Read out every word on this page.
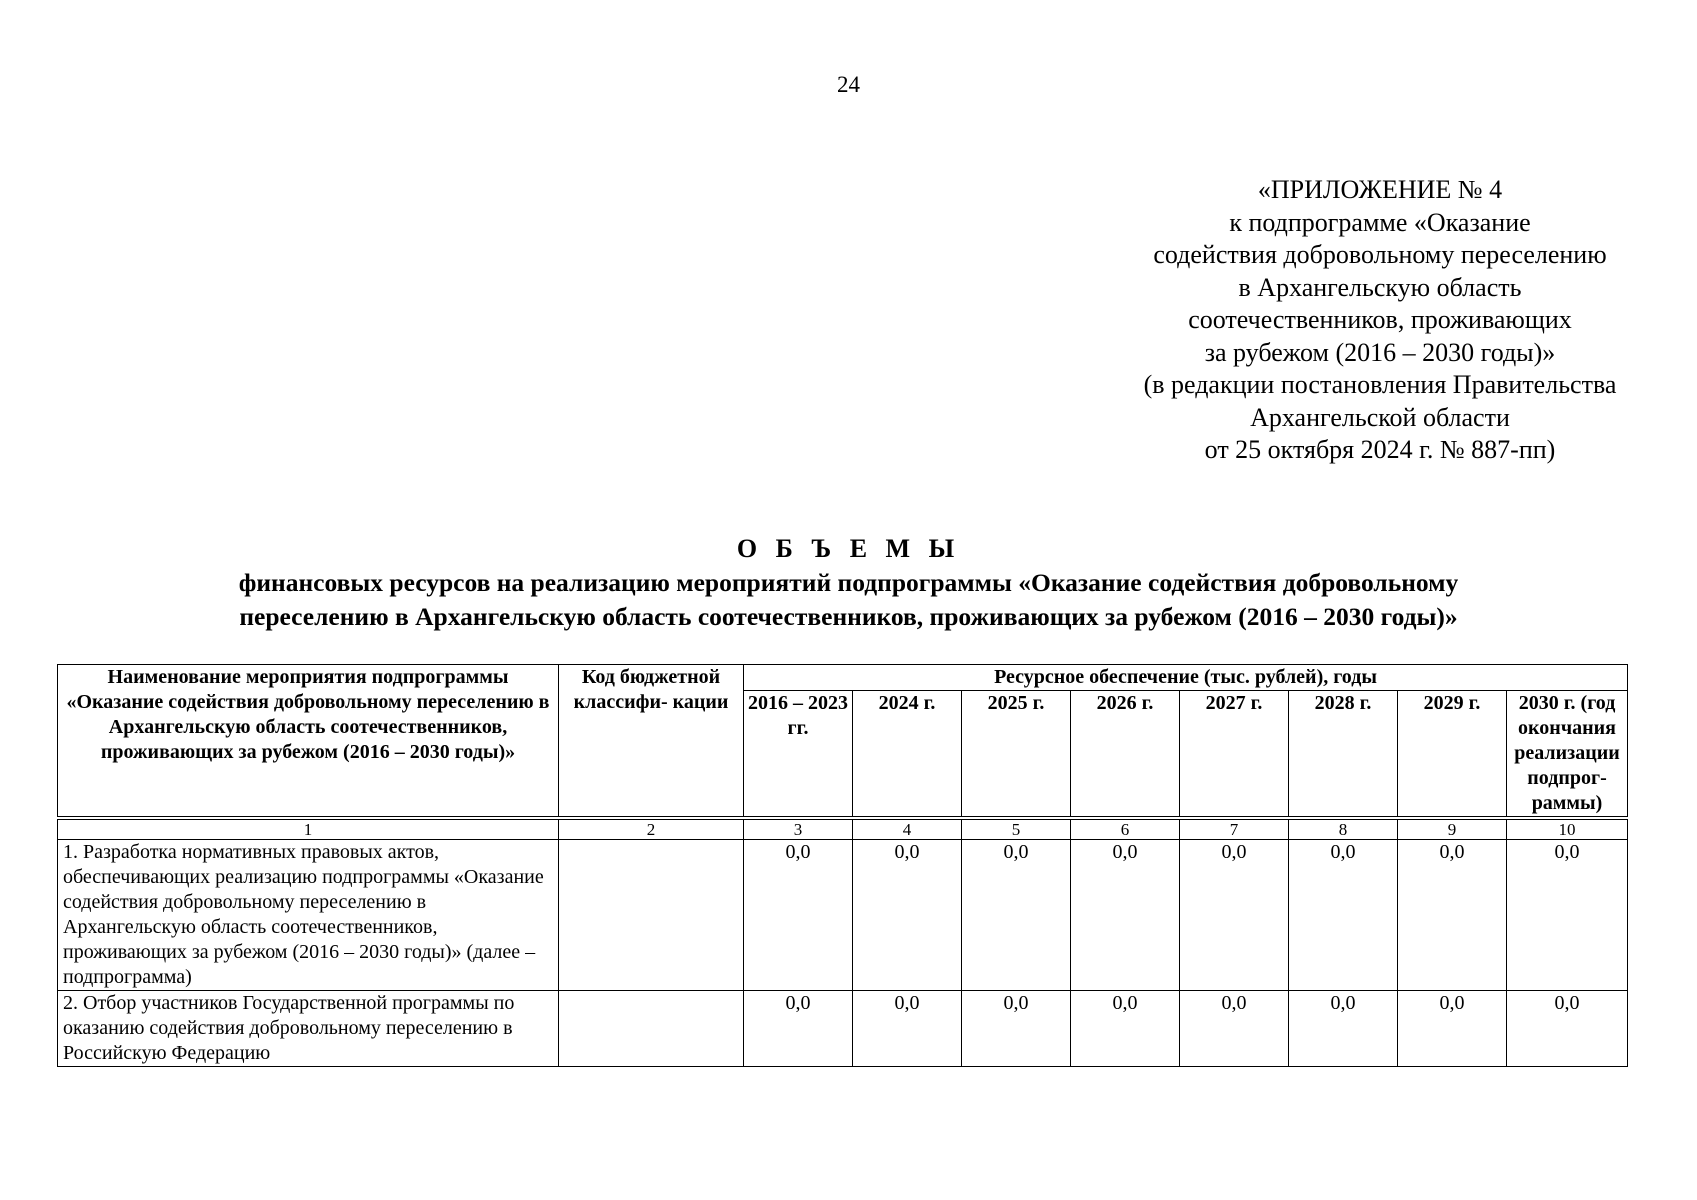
24
«ПРИЛОЖЕНИЕ № 4
к подпрограмме «Оказание
содействия добровольному переселению
в Архангельскую область
соотечественников, проживающих
за рубежом (2016 – 2030 годы)»
(в редакции постановления Правительства
Архангельской области
от 25 октября 2024 г. № 887-пп)
О Б Ъ Е М Ы
финансовых ресурсов на реализацию мероприятий подпрограммы «Оказание содействия добровольному
переселению в Архангельскую область соотечественников, проживающих за рубежом (2016 – 2030 годы)»
Наименование мероприятия подпрограммы «Оказание содействия добровольному переселению в Архангельскую область соотечественников, проживающих за рубежом (2016 – 2030 годы)»	Код бюджетной классифи- кации	Ресурсное обеспечение (тыс. рублей), годы							
		2016 – 2023 гг.	2024 г.	2025 г.	2026 г.	2027 г.	2028 г.	2029 г.	2030 г. (год окончания реализации подпрог- раммы)
1	2	3	4	5	6	7	8	9	10
1. Разработка нормативных правовых актов, обеспечивающих реализацию подпрограммы «Оказание содействия добровольному переселению в Архангельскую область соотечественников, проживающих за рубежом (2016 – 2030 годы)» (далее – подпрограмма)		0,0	0,0	0,0	0,0	0,0	0,0	0,0	0,0
2. Отбор участников Государственной программы по оказанию содействия добровольному переселению в Российскую Федерацию		0,0	0,0	0,0	0,0	0,0	0,0	0,0	0,0
